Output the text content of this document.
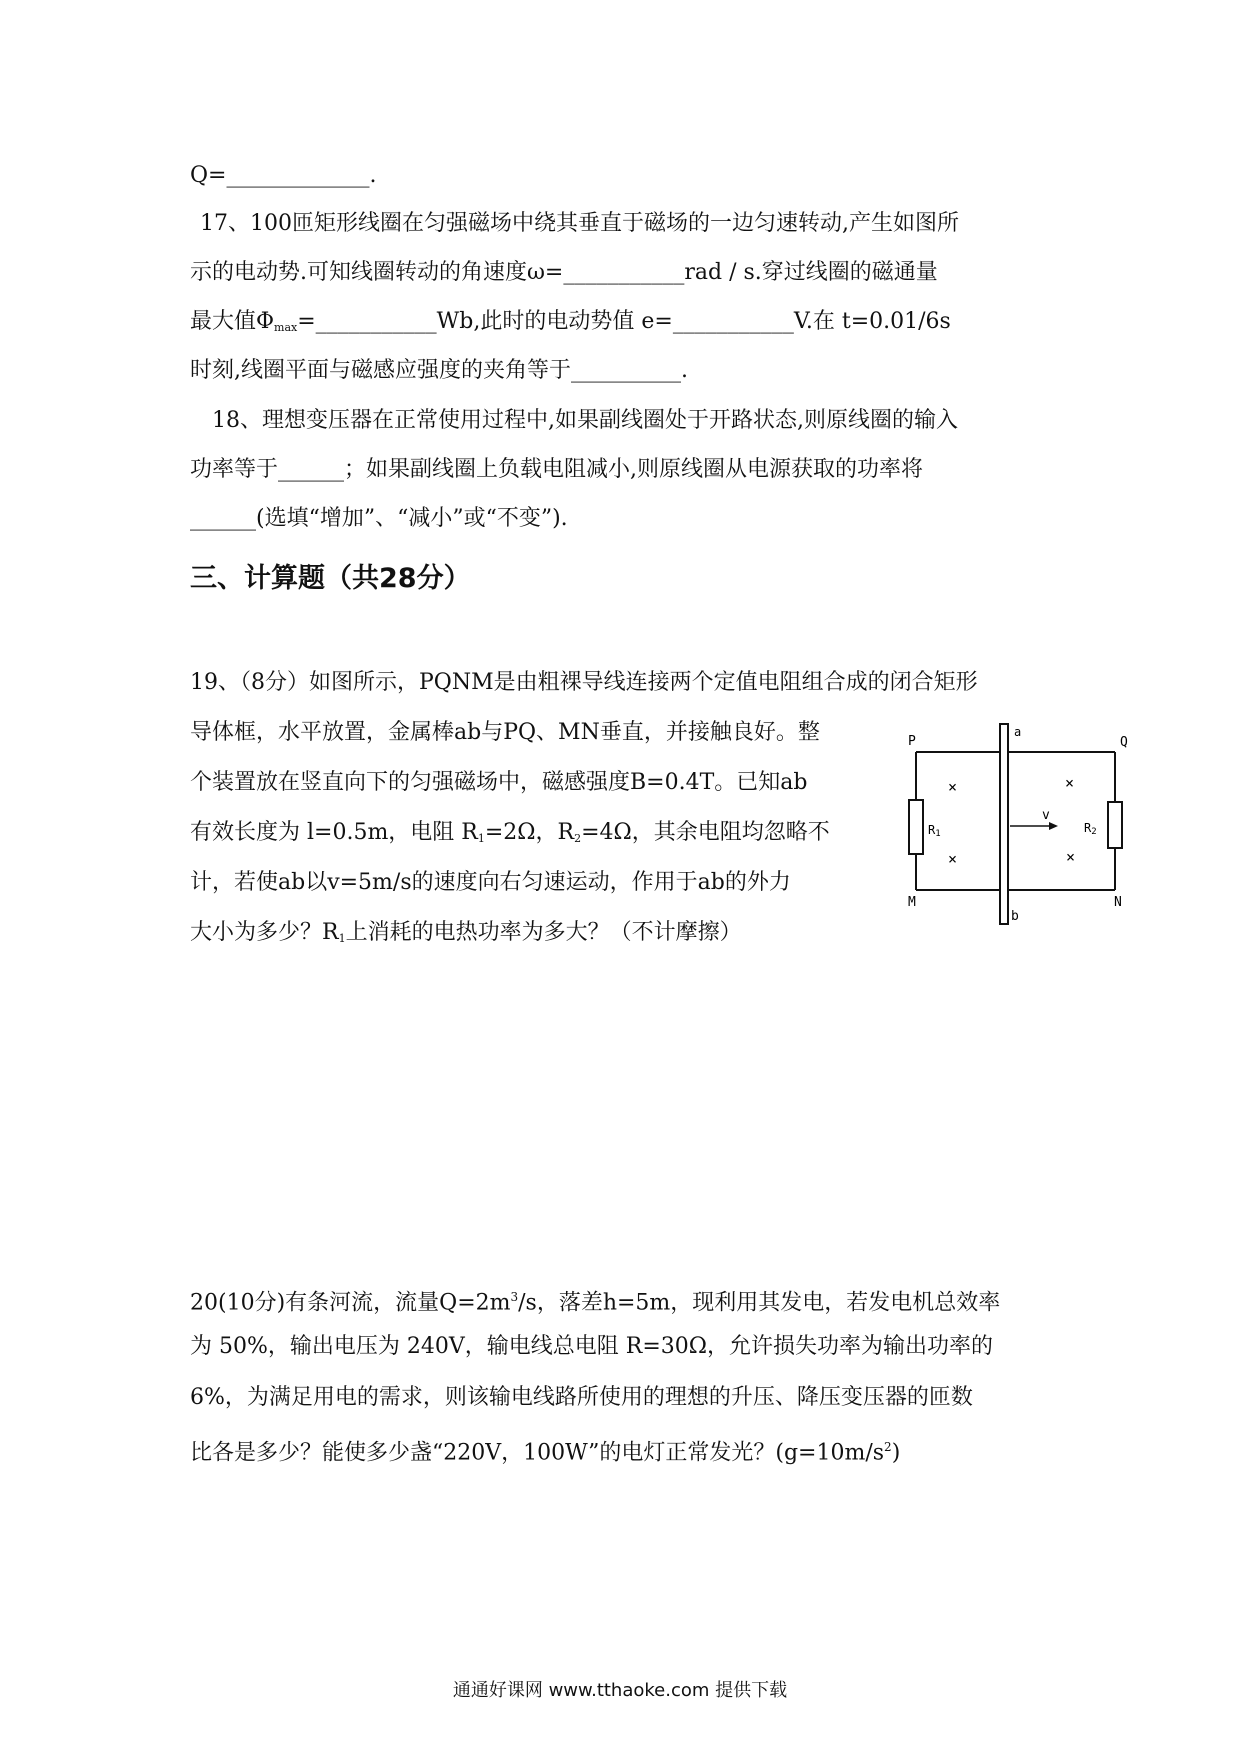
Q=_____________.
17、100匝矩形线圈在匀强磁场中绕其垂直于磁场的一边匀速转动,产生如图所
示的电动势.可知线圈转动的角速度ω=___________rad / s.穿过线圈的磁通量
最大值$\Phi_{max}=\_\_\_\_\_\_\_\_\_\_\_Wb$,此时的电动势值 e=___________V.在 t=0.01/6s
时刻,线圈平面与磁感应强度的夹角等于__________.
18、理想变压器在正常使用过程中,如果副线圈处于开路状态,则原线圈的输入
功率等于______；如果副线圈上负载电阻减小,则原线圈从电源获取的功率将
______(选填“增加”、“减小”或“不变”).
三、计算题（共28分）
19、（8分）如图所示，PQNM是由粗裸导线连接两个定值电阻组合成的闭合矩形
导体框，水平放置，金属棒ab与PQ、MN垂直，并接触良好。整
个装置放在竖直向下的匀强磁场中，磁感强度B=0.4T。已知ab
有效长度为 l=0.5m，电阻 $R_1=2\Omega$，$R_2=4\Omega$，其余电阻均忽略不
计，若使ab以v=5m/s的速度向右匀速运动，作用于ab的外力
大小为多少？$R_1$上消耗的电热功率为多大？（不计摩擦）
P	Q
M	N
a
b
v
R1	R2
×
×
×
×
20(10分)有条河流，流量$Q=2m^3/s$，落差h=5m，现利用其发电，若发电机总效率
为 50%，输出电压为 240V，输电线总电阻 R=30Ω，允许损失功率为输出功率的
6%，为满足用电的需求，则该输电线路所使用的理想的升压、降压变压器的匝数
比各是多少？能使多少盏“220V，100W”的电灯正常发光？$(g=10m/s^2)$
通通好课网 www.tthaoke.com 提供下载
